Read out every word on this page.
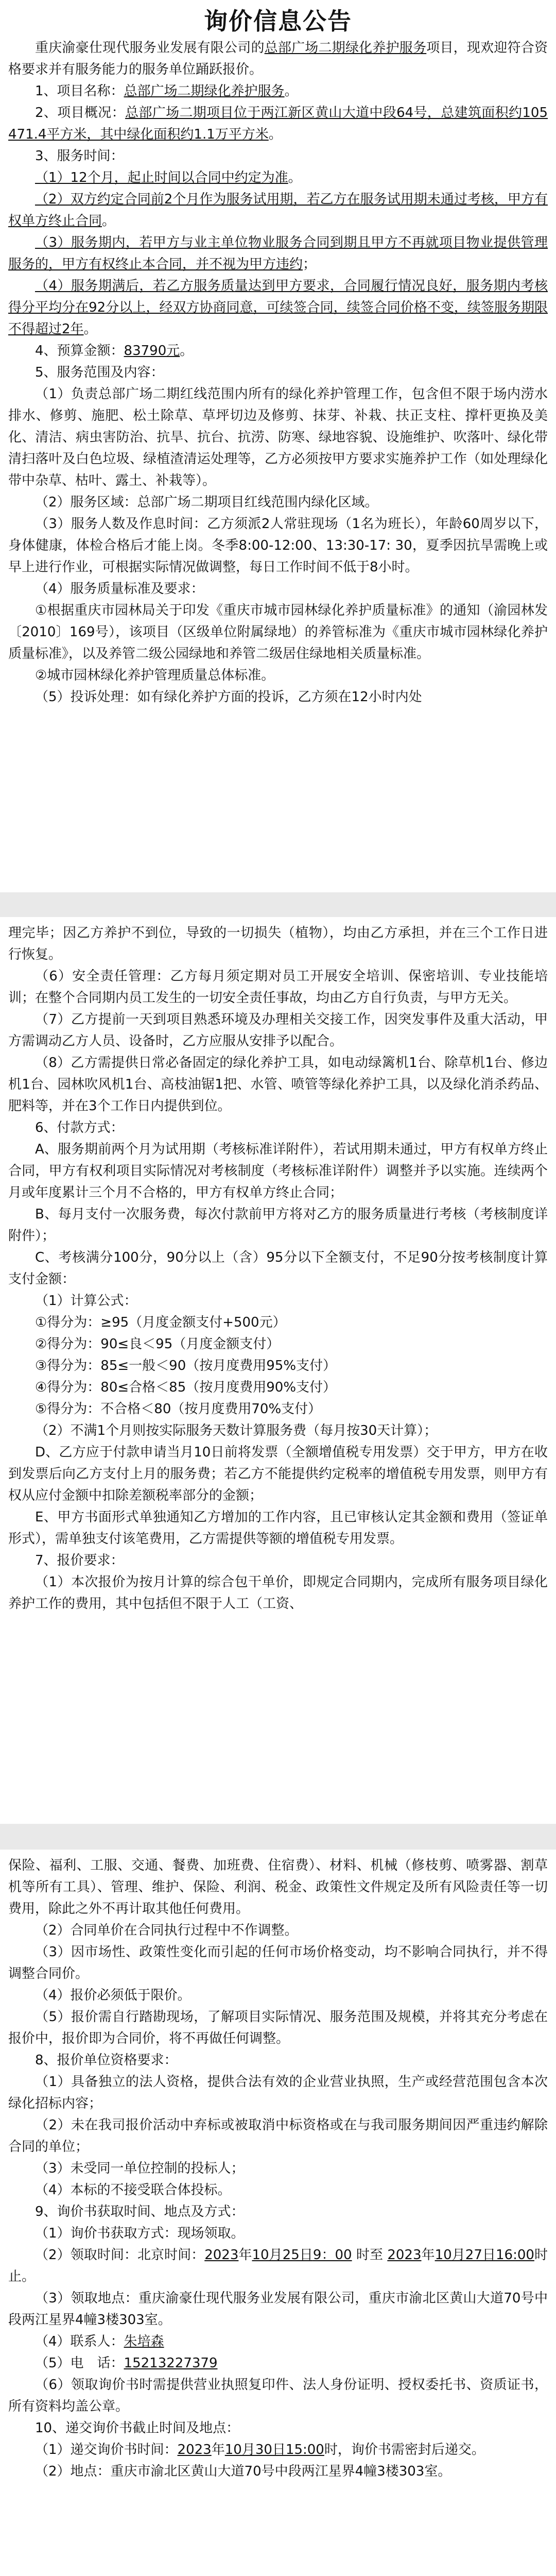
询价信息公告

重庆渝豪仕现代服务业发展有限公司的总部广场二期绿化养护服务项目，现欢迎符合资格要求并有服务能力的服务单位踊跃报价。

1、项目名称：总部广场二期绿化养护服务。

2、项目概况：总部广场二期项目位于两江新区黄山大道中段64号，总建筑面积约105471.4平方米，其中绿化面积约1.1万平方米。

3、服务时间：

（1）12个月，起止时间以合同中约定为准。

（2）双方约定合同前2个月作为服务试用期，若乙方在服务试用期未通过考核，甲方有权单方终止合同。

（3）服务期内，若甲方与业主单位物业服务合同到期且甲方不再就项目物业提供管理服务的，甲方有权终止本合同，并不视为甲方违约；

（4）服务期满后，若乙方服务质量达到甲方要求，合同履行情况良好，服务期内考核得分平均分在92分以上，经双方协商同意，可续签合同，续签合同价格不变，续签服务期限不得超过2年。

4、预算金额：83790元。

5、服务范围及内容：

（1）负责总部广场二期红线范围内所有的绿化养护管理工作，包含但不限于场内涝水排水、修剪、施肥、松土除草、草坪切边及修剪、抹芽、补栽、扶正支柱、撑杆更换及美化、清洁、病虫害防治、抗旱、抗台、抗涝、防寒、绿地容貌、设施维护、吹落叶、绿化带清扫落叶及白色垃圾、绿植渣清运处理等，乙方必须按甲方要求实施养护工作（如处理绿化带中杂草、枯叶、露土、补栽等）。

（2）服务区域：总部广场二期项目红线范围内绿化区域。

（3）服务人数及作息时间：乙方须派2人常驻现场（1名为班长），年龄60周岁以下，身体健康，体检合格后才能上岗。冬季8:00-12:00、13:30-17: 30，夏季因抗旱需晚上或早上进行作业，可根据实际情况做调整，每日工作时间不低于8小时。

（4）服务质量标准及要求：

①根据重庆市园林局关于印发《重庆市城市园林绿化养护质量标准》的通知（渝园林发〔2010〕169号），该项目（区级单位附属绿地）的养管标准为《重庆市城市园林绿化养护质量标准》，以及养管二级公园绿地和养管二级居住绿地相关质量标准。

②城市园林绿化养护管理质量总体标准。

（5）投诉处理：如有绿化养护方面的投诉，乙方须在12小时内处

理完毕；因乙方养护不到位，导致的一切损失（植物），均由乙方承担，并在三个工作日进行恢复。

（6）安全责任管理：乙方每月须定期对员工开展安全培训、保密培训、专业技能培训；在整个合同期内员工发生的一切安全责任事故，均由乙方自行负责，与甲方无关。

（7）乙方提前一天到项目熟悉环境及办理相关交接工作，因突发事件及重大活动，甲方需调动乙方人员、设备时，乙方应服从安排予以配合。

（8）乙方需提供日常必备固定的绿化养护工具，如电动绿篱机1台、除草机1台、修边机1台、园林吹风机1台、高枝油锯1把、水管、喷管等绿化养护工具，以及绿化消杀药品、肥料等，并在3个工作日内提供到位。

6、付款方式：

A、服务期前两个月为试用期（考核标准详附件），若试用期未通过，甲方有权单方终止合同，甲方有权利项目实际情况对考核制度（考核标准详附件）调整并予以实施。连续两个月或年度累计三个月不合格的，甲方有权单方终止合同；

B、每月支付一次服务费，每次付款前甲方将对乙方的服务质量进行考核（考核制度详附件）；

C、考核满分100分，90分以上（含）95分以下全额支付，不足90分按考核制度计算支付金额：

（1）计算公式：

①得分为：≥95（月度金额支付+500元）

②得分为：90≤良＜95（月度金额支付）

③得分为：85≤一般＜90（按月度费用95%支付）

④得分为：80≤合格＜85（按月度费用90%支付）

⑤得分为：不合格＜80（按月度费用70%支付）

（2）不满1个月则按实际服务天数计算服务费（每月按30天计算）；

D、乙方应于付款申请当月10日前将发票（全额增值税专用发票）交于甲方，甲方在收到发票后向乙方支付上月的服务费；若乙方不能提供约定税率的增值税专用发票，则甲方有权从应付金额中扣除差额税率部分的金额；

E、甲方书面形式单独通知乙方增加的工作内容，且已审核认定其金额和费用（签证单形式），需单独支付该笔费用，乙方需提供等额的增值税专用发票。

7、报价要求：

（1）本次报价为按月计算的综合包干单价，即规定合同期内，完成所有服务项目绿化养护工作的费用，其中包括但不限于人工（工资、

保险、福利、工服、交通、餐费、加班费、住宿费）、材料、机械（修枝剪、喷雾器、割草机等所有工具）、管理、维护、保险、利润、税金、政策性文件规定及所有风险责任等一切费用，除此之外不再计取其他任何费用。

（2）合同单价在合同执行过程中不作调整。

（3）因市场性、政策性变化而引起的任何市场价格变动，均不影响合同执行，并不得调整合同价。

（4）报价必须低于限价。

（5）报价需自行踏勘现场，了解项目实际情况、服务范围及规模，并将其充分考虑在报价中，报价即为合同价，将不再做任何调整。

8、报价单位资格要求：

（1）具备独立的法人资格，提供合法有效的企业营业执照，生产或经营范围包含本次绿化招标内容；

（2）未在我司报价活动中弃标或被取消中标资格或在与我司服务期间因严重违约解除合同的单位；

（3）未受同一单位控制的投标人；

（4）本标的不接受联合体投标。

9、询价书获取时间、地点及方式：

（1）询价书获取方式：现场领取。

（2）领取时间：北京时间：2023年10月25日9：00 时至 2023年10月27日16:00时止。

（3）领取地点：重庆渝豪仕现代服务业发展有限公司，重庆市渝北区黄山大道70号中段两江星界4幢3楼303室。

（4）联系人：朱培森

（5）电　话：15213227379

（6）领取询价书时需提供营业执照复印件、法人身份证明、授权委托书、资质证书，所有资料均盖公章。

10、递交询价书截止时间及地点：

（1）递交询价书时间：2023年10月30日15:00时，询价书需密封后递交。

（2）地点：重庆市渝北区黄山大道70号中段两江星界4幢3楼303室。
